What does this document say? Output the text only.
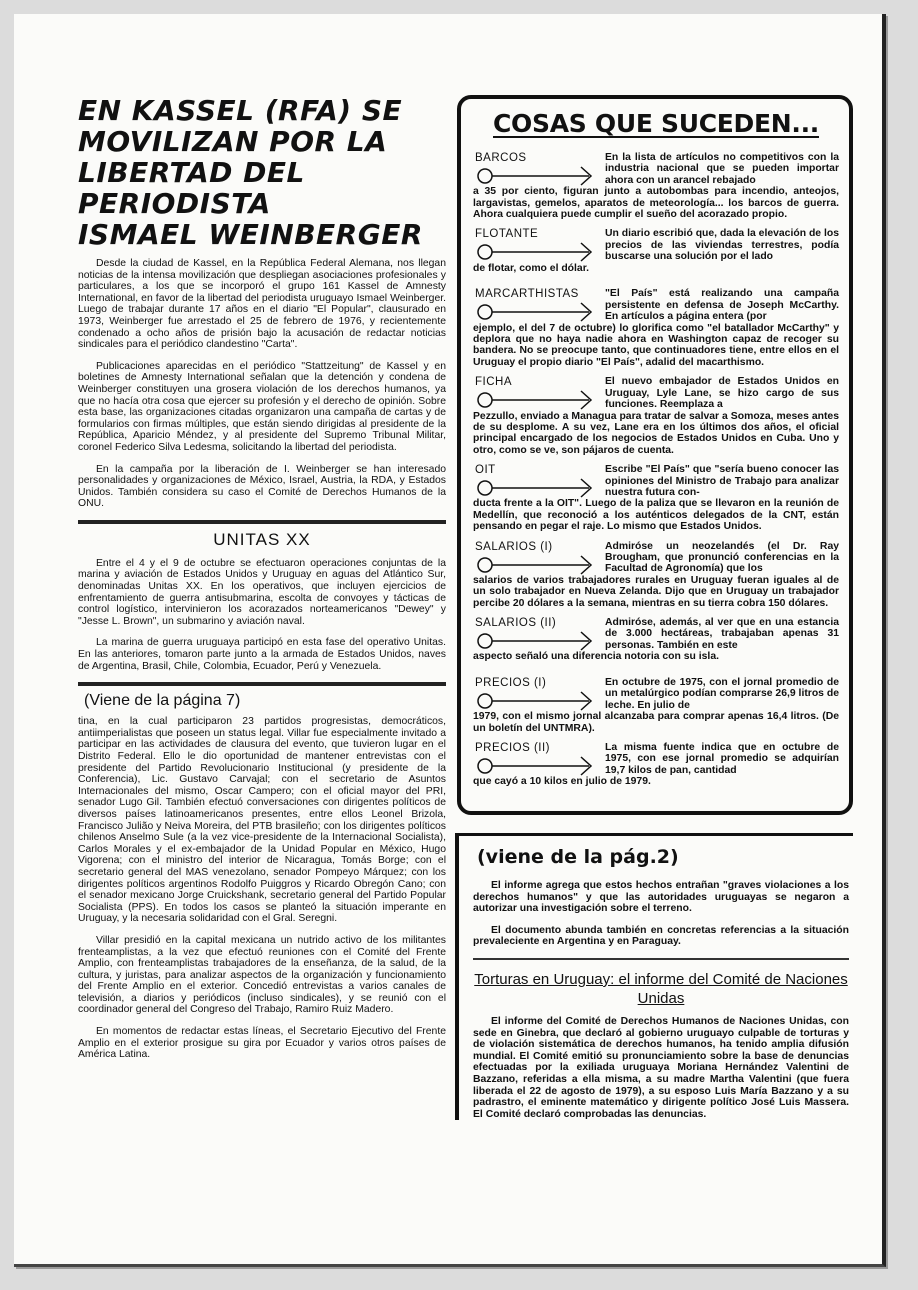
EN KASSEL (RFA) SE
MOVILIZAN POR LA
LIBERTAD DEL
PERIODISTA
ISMAEL WEINBERGER

Desde la ciudad de Kassel, en la República Federal Alemana, nos llegan noticias de la intensa movilización que despliegan asociaciones profesionales y particulares, a los que se incorporó el grupo 161 Kassel de Amnesty International, en favor de la libertad del periodista uruguayo Ismael Weinberger. Luego de trabajar durante 17 años en el diario "El Popular", clausurado en 1973, Weinberger fue arrestado el 25 de febrero de 1976, y recientemente condenado a ocho años de prisión bajo la acusación de redactar noticias sindicales para el periódico clandestino "Carta".

Publicaciones aparecidas en el periódico "Stattzeitung" de Kassel y en boletines de Amnesty International señalan que la detención y condena de Weinberger constituyen una grosera violación de los derechos humanos, ya que no hacía otra cosa que ejercer su profesión y el derecho de opinión. Sobre esta base, las organizaciones citadas organizaron una campaña de cartas y de formularios con firmas múltiples, que están siendo dirigidas al presidente de la República, Aparicio Méndez, y al presidente del Supremo Tribunal Militar, coronel Federico Silva Ledesma, solicitando la libertad del periodista.

En la campaña por la liberación de I. Weinberger se han interesado personalidades y organizaciones de México, Israel, Austria, la RDA, y Estados Unidos. También considera su caso el Comité de Derechos Humanos de la ONU.

UNITAS XX

Entre el 4 y el 9 de octubre se efectuaron operaciones conjuntas de la marina y aviación de Estados Unidos y Uruguay en aguas del Atlántico Sur, denominadas Unitas XX. En los operativos, que incluyen ejercicios de enfrentamiento de guerra antisubmarina, escolta de convoyes y tácticas de control logístico, intervinieron los acorazados norteamericanos "Dewey" y "Jesse L. Brown", un submarino y aviación naval.

La marina de guerra uruguaya participó en esta fase del operativo Unitas. En las anteriores, tomaron parte junto a la armada de Estados Unidos, naves de Argentina, Brasil, Chile, Colombia, Ecuador, Perú y Venezuela.

(Viene de la página 7)

tina, en la cual participaron 23 partidos progresistas, democráticos, antiimperialistas que poseen un status legal. Villar fue especialmente invitado a participar en las actividades de clausura del evento, que tuvieron lugar en el Distrito Federal. Ello le dio oportunidad de mantener entrevistas con el presidente del Partido Revolucionario Institucional (y presidente de la Conferencia), Lic. Gustavo Carvajal; con el secretario de Asuntos Internacionales del mismo, Oscar Campero; con el oficial mayor del PRI, senador Lugo Gil. También efectuó conversaciones con dirigentes políticos de diversos países latinoamericanos presentes, entre ellos Leonel Brizola, Francisco Julião y Neiva Moreira, del PTB brasileño; con los dirigentes políticos chilenos Anselmo Sule (a la vez vice-presidente de la Internacional Socialista), Carlos Morales y el ex-embajador de la Unidad Popular en México, Hugo Vigorena; con el ministro del interior de Nicaragua, Tomás Borge; con el secretario general del MAS venezolano, senador Pompeyo Márquez; con los dirigentes políticos argentinos Rodolfo Puiggros y Ricardo Obregón Cano; con el senador mexicano Jorge Cruickshank, secretario general del Partido Popular Socialista (PPS). En todos los casos se planteó la situación imperante en Uruguay, y la necesaria solidaridad con el Gral. Seregni.

Villar presidió en la capital mexicana un nutrido activo de los militantes frenteamplistas, a la vez que efectuó reuniones con el Comité del Frente Amplio, con frenteamplistas trabajadores de la enseñanza, de la salud, de la cultura, y juristas, para analizar aspectos de la organización y funcionamiento del Frente Amplio en el exterior. Concedió entrevistas a varios canales de televisión, a diarios y periódicos (incluso sindicales), y se reunió con el coordinador general del Congreso del Trabajo, Ramiro Ruiz Madero.

En momentos de redactar estas líneas, el Secretario Ejecutivo del Frente Amplio en el exterior prosigue su gira por Ecuador y varios otros países de América Latina.

COSAS QUE SUCEDEN...
BARCOS	En la lista de artículos no competitivos con la industria nacional que se pueden importar ahora con un arancel rebajado
a 35 por ciento, figuran junto a autobombas para incendio, anteojos, largavistas, gemelos, aparatos de meteorología... los barcos de guerra. Ahora cualquiera puede cumplir el sueño del acorazado propio.
FLOTANTE	Un diario escribió que, dada la elevación de los precios de las viviendas terrestres, podía buscarse una solución por el lado
de flotar, como el dólar.
MARCARTHISTAS	"El País" está realizando una campaña persistente en defensa de Joseph McCarthy. En artículos a página entera (por
ejemplo, el del 7 de octubre) lo glorifica como "el batallador McCarthy" y deplora que no haya nadie ahora en Washington capaz de recoger su bandera. No se preocupe tanto, que continuadores tiene, entre ellos en el Uruguay el propio diario "El País", adalid del macarthismo.
FICHA	El nuevo embajador de Estados Unidos en Uruguay, Lyle Lane, se hizo cargo de sus funciones. Reemplaza a
Pezzullo, enviado a Managua para tratar de salvar a Somoza, meses antes de su desplome. A su vez, Lane era en los últimos dos años, el oficial principal encargado de los negocios de Estados Unidos en Cuba. Uno y otro, como se ve, son pájaros de cuenta.
OIT	Escribe "El País" que "sería bueno conocer las opiniones del Ministro de Trabajo para analizar nuestra futura con-
ducta frente a la OIT". Luego de la paliza que se llevaron en la reunión de Medellín, que reconoció a los auténticos delegados de la CNT, están pensando en pegar el raje. Lo mismo que Estados Unidos.
SALARIOS (I)	Admiróse un neozelandés (el Dr. Ray Brougham, que pronunció conferencias en la Facultad de Agronomía) que los
salarios de varios trabajadores rurales en Uruguay fueran iguales al de un solo trabajador en Nueva Zelanda. Dijo que en Uruguay un trabajador percibe 20 dólares a la semana, mientras en su tierra cobra 150 dólares.
SALARIOS (II)	Admiróse, además, al ver que en una estancia de 3.000 hectáreas, trabajaban apenas 31 personas. También en este
aspecto señaló una diferencia notoria con su isla.
PRECIOS (I)	En octubre de 1975, con el jornal promedio de un metalúrgico podían comprarse 26,9 litros de leche. En julio de
1979, con el mismo jornal alcanzaba para comprar apenas 16,4 litros. (De un boletín del UNTMRA).
PRECIOS (II)	La misma fuente indica que en octubre de 1975, con ese jornal promedio se adquirían 19,7 kilos de pan, cantidad
que cayó a 10 kilos en julio de 1979.
(viene de la pág.2)

El informe agrega que estos hechos entrañan "graves violaciones a los derechos humanos" y que las autoridades uruguayas se negaron a autorizar una investigación sobre el terreno.

El documento abunda también en concretas referencias a la situación prevaleciente en Argentina y en Paraguay.

Torturas en Uruguay: el informe del Comité de Naciones Unidas

El informe del Comité de Derechos Humanos de Naciones Unidas, con sede en Ginebra, que declaró al gobierno uruguayo culpable de torturas y de violación sistemática de derechos humanos, ha tenido amplia difusión mundial. El Comité emitió su pronunciamiento sobre la base de denuncias efectuadas por la exiliada uruguaya Moriana Hernández Valentini de Bazzano, referidas a ella misma, a su madre Martha Valentini (que fuera liberada el 22 de agosto de 1979), a su esposo Luis María Bazzano y a su padrastro, el eminente matemático y dirigente político José Luis Massera. El Comité declaró comprobadas las denuncias.
